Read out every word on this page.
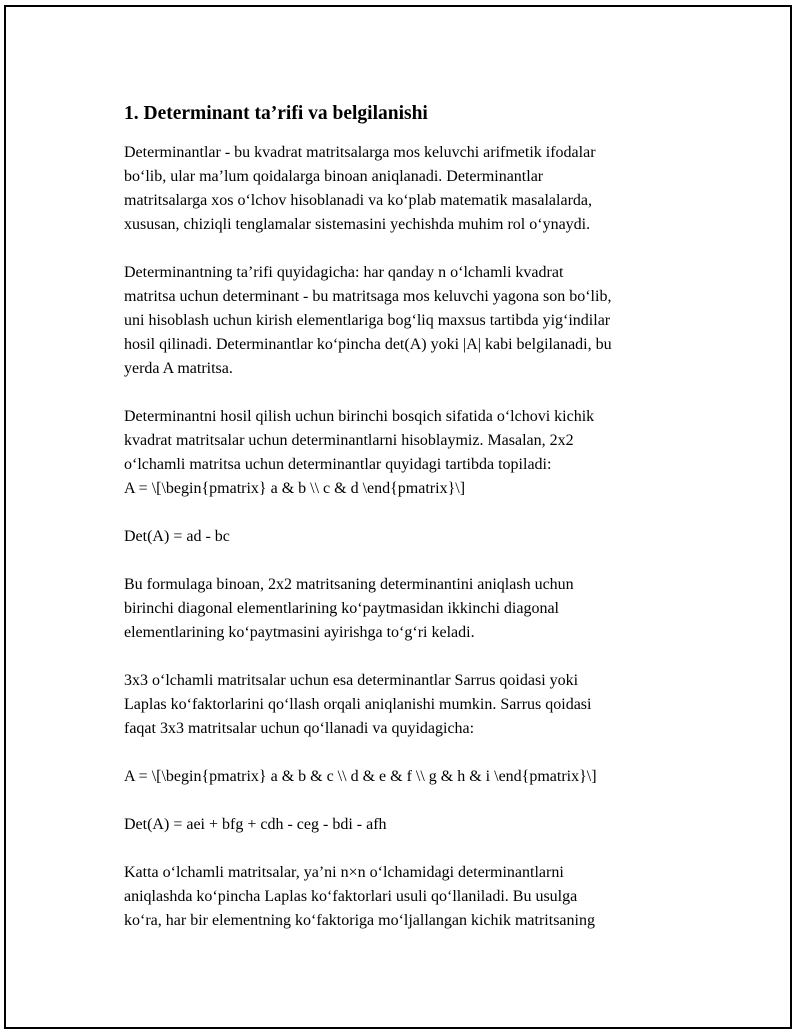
1. Determinant ta’rifi va belgilanishi

Determinantlar - bu kvadrat matritsalarga mos keluvchi arifmetik ifodalar
bo‘lib, ular ma’lum qoidalarga binoan aniqlanadi. Determinantlar
matritsalarga xos o‘lchov hisoblanadi va ko‘plab matematik masalalarda,
xususan, chiziqli tenglamalar sistemasini yechishda muhim rol o‘ynaydi.

Determinantning ta’rifi quyidagicha: har qanday n o‘lchamli kvadrat
matritsa uchun determinant - bu matritsaga mos keluvchi yagona son bo‘lib,
uni hisoblash uchun kirish elementlariga bog‘liq maxsus tartibda yig‘indilar
hosil qilinadi. Determinantlar ko‘pincha det(A) yoki |A| kabi belgilanadi, bu
yerda A matritsa.

Determinantni hosil qilish uchun birinchi bosqich sifatida o‘lchovi kichik
kvadrat matritsalar uchun determinantlarni hisoblaymiz. Masalan, 2x2
o‘lchamli matritsa uchun determinantlar quyidagi tartibda topiladi:
A = \[\begin{pmatrix} a & b \\ c & d \end{pmatrix}\]

Det(A) = ad - bc

Bu formulaga binoan, 2x2 matritsaning determinantini aniqlash uchun
birinchi diagonal elementlarining ko‘paytmasidan ikkinchi diagonal
elementlarining ko‘paytmasini ayirishga to‘g‘ri keladi.

3x3 o‘lchamli matritsalar uchun esa determinantlar Sarrus qoidasi yoki
Laplas ko‘faktorlarini qo‘llash orqali aniqlanishi mumkin. Sarrus qoidasi
faqat 3x3 matritsalar uchun qo‘llanadi va quyidagicha:

A = \[\begin{pmatrix} a & b & c \\ d & e & f \\ g & h & i \end{pmatrix}\]

Det(A) = aei + bfg + cdh - ceg - bdi - afh

Katta o‘lchamli matritsalar, ya’ni n×n o‘lchamidagi determinantlarni
aniqlashda ko‘pincha Laplas ko‘faktorlari usuli qo‘llaniladi. Bu usulga
ko‘ra, har bir elementning ko‘faktoriga mo‘ljallangan kichik matritsaning
